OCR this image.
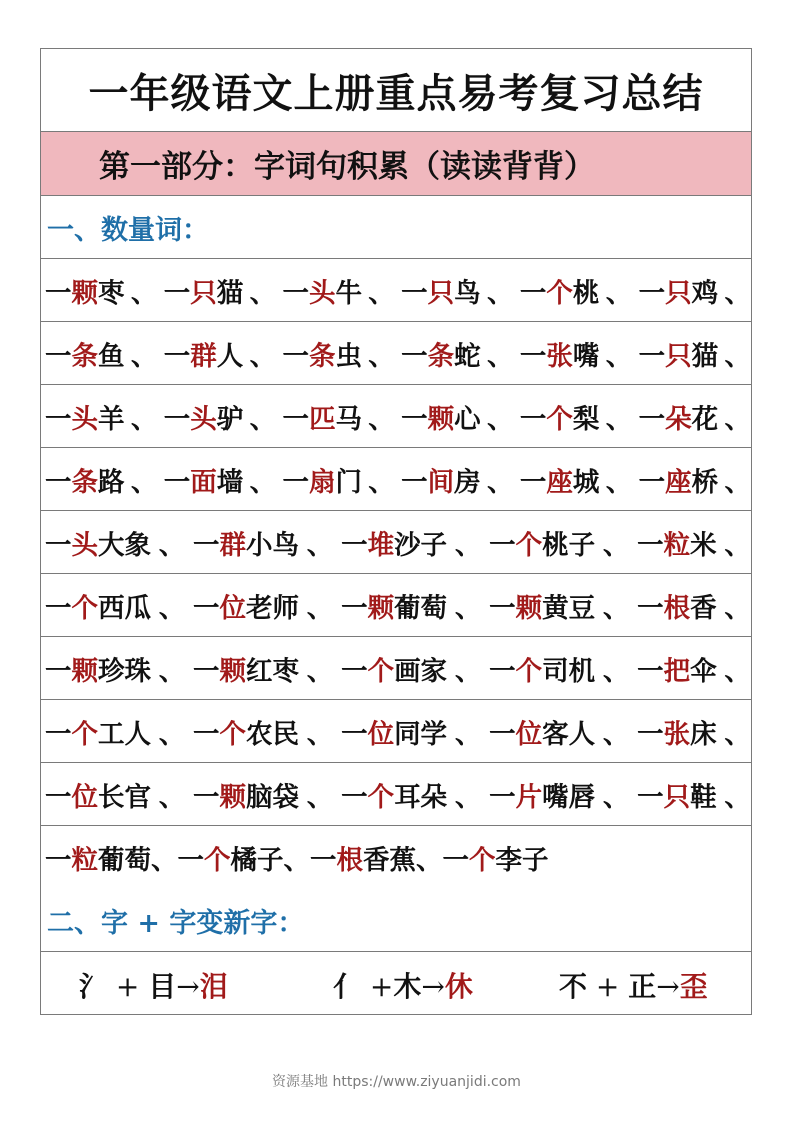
一年级语文上册重点易考复习总结
第一部分：字词句积累（读读背背）
一、数量词：
一颗枣 、 一只猫 、 一头牛 、 一只鸟 、 一个桃 、 一只鸡 、
一条鱼 、 一群人 、 一条虫 、 一条蛇 、 一张嘴 、 一只猫 、
一头羊 、 一头驴 、 一匹马 、 一颗心 、 一个梨 、 一朵花 、
一条路 、 一面墙 、 一扇门 、 一间房 、 一座城 、 一座桥 、
一头大象 、 一群小鸟 、 一堆沙子 、 一个桃子 、 一粒米 、
一个西瓜 、 一位老师 、 一颗葡萄 、 一颗黄豆 、 一根香 、
一颗珍珠 、 一颗红枣 、 一个画家 、 一个司机 、 一把伞 、
一个工人 、 一个农民 、 一位同学 、 一位客人 、 一张床 、
一位长官 、 一颗脑袋 、 一个耳朵 、 一片嘴唇 、 一只鞋 、
一粒葡萄 、 一个橘子 、 一根香蕉 、 一个李子
二、字 + 字变新字：
氵 + 目→泪	亻 +木→休	不 + 正→歪
资源基地 https://www.ziyuanjidi.com
